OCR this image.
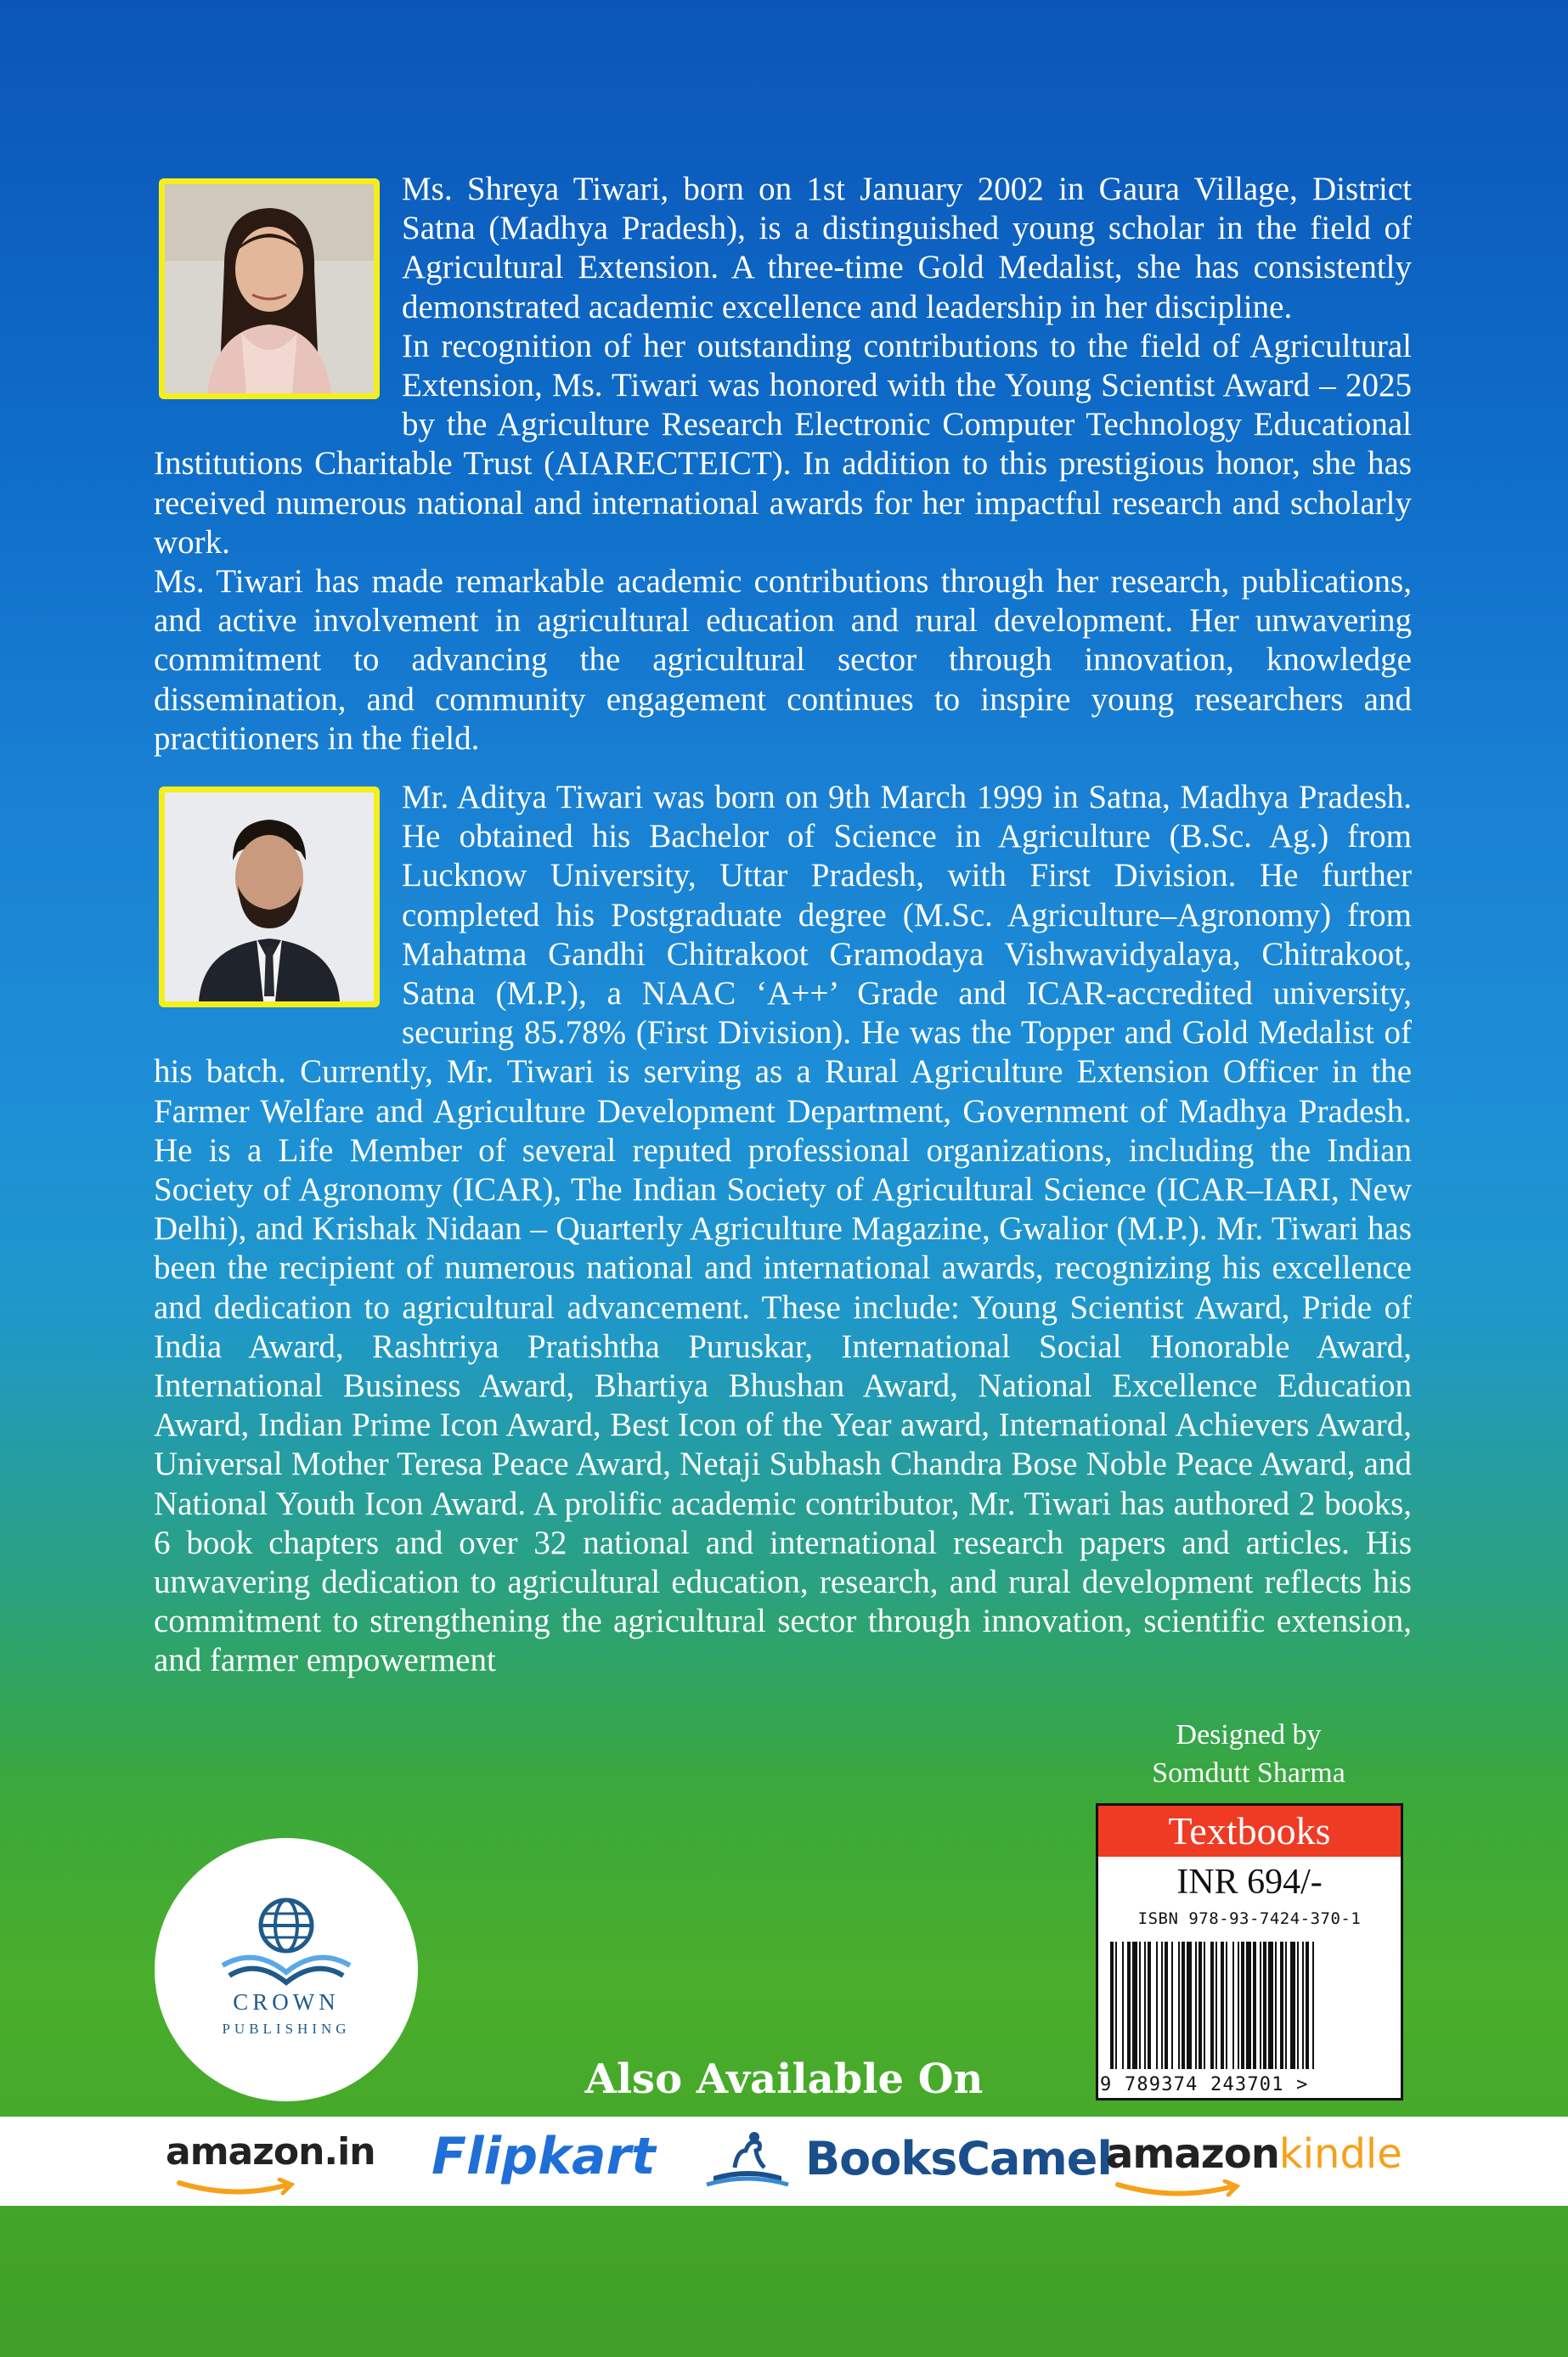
Ms. Shreya Tiwari, born on 1st January 2002 in Gaura Village, District Satna (Madhya Pradesh), is a distinguished young scholar in the field of Agricultural Extension. A three-time Gold Medalist, she has consistently demonstrated academic excellence and leadership in her discipline.

In recognition of her outstanding contributions to the field of Agricultural Extension, Ms. Tiwari was honored with the Young Scientist Award – 2025 by the Agriculture Research Electronic Computer Technology Educational Institutions Charitable Trust (AIARECTEICT). In addition to this prestigious honor, she has received numerous national and international awards for her impactful research and scholarly work.

Ms. Tiwari has made remarkable academic contributions through her research, publications, and active involvement in agricultural education and rural development. Her unwavering commitment to advancing the agricultural sector through innovation, knowledge dissemination, and community engagement continues to inspire young researchers and practitioners in the field.

Mr. Aditya Tiwari was born on 9th March 1999 in Satna, Madhya Pradesh. He obtained his Bachelor of Science in Agriculture (B.Sc. Ag.) from Lucknow University, Uttar Pradesh, with First Division. He further completed his Postgraduate degree (M.Sc. Agriculture–Agronomy) from Mahatma Gandhi Chitrakoot Gramodaya Vishwavidyalaya, Chitrakoot, Satna (M.P.), a NAAC ‘A++’ Grade and ICAR-accredited university, securing 85.78% (First Division). He was the Topper and Gold Medalist of his batch. Currently, Mr. Tiwari is serving as a Rural Agriculture Extension Officer in the Farmer Welfare and Agriculture Development Department, Government of Madhya Pradesh. He is a Life Member of several reputed professional organizations, including the Indian Society of Agronomy (ICAR), The Indian Society of Agricultural Science (ICAR–IARI, New Delhi), and Krishak Nidaan – Quarterly Agriculture Magazine, Gwalior (M.P.). Mr. Tiwari has been the recipient of numerous national and international awards, recognizing his excellence and dedication to agricultural advancement. These include: Young Scientist Award, Pride of India Award, Rashtriya Pratishtha Puruskar, International Social Honorable Award, International Business Award, Bhartiya Bhushan Award, National Excellence Education Award, Indian Prime Icon Award, Best Icon of the Year award, International Achievers Award, Universal Mother Teresa Peace Award, Netaji Subhash Chandra Bose Noble Peace Award, and National Youth Icon Award. A prolific academic contributor, Mr. Tiwari has authored 2 books, 6 book chapters and over 32 national and international research papers and articles. His unwavering dedication to agricultural education, research, and rural development reflects his commitment to strengthening the agricultural sector through innovation, scientific extension, and farmer empowerment

Designed by
Somdutt Sharma
Textbooks
INR 694/-
ISBN 978-93-7424-370-1
9 789374 243701 >
CROWN
PUBLISHING
Also Available On
amazon.in Flipkart	BooksCamel
amazonkindle
